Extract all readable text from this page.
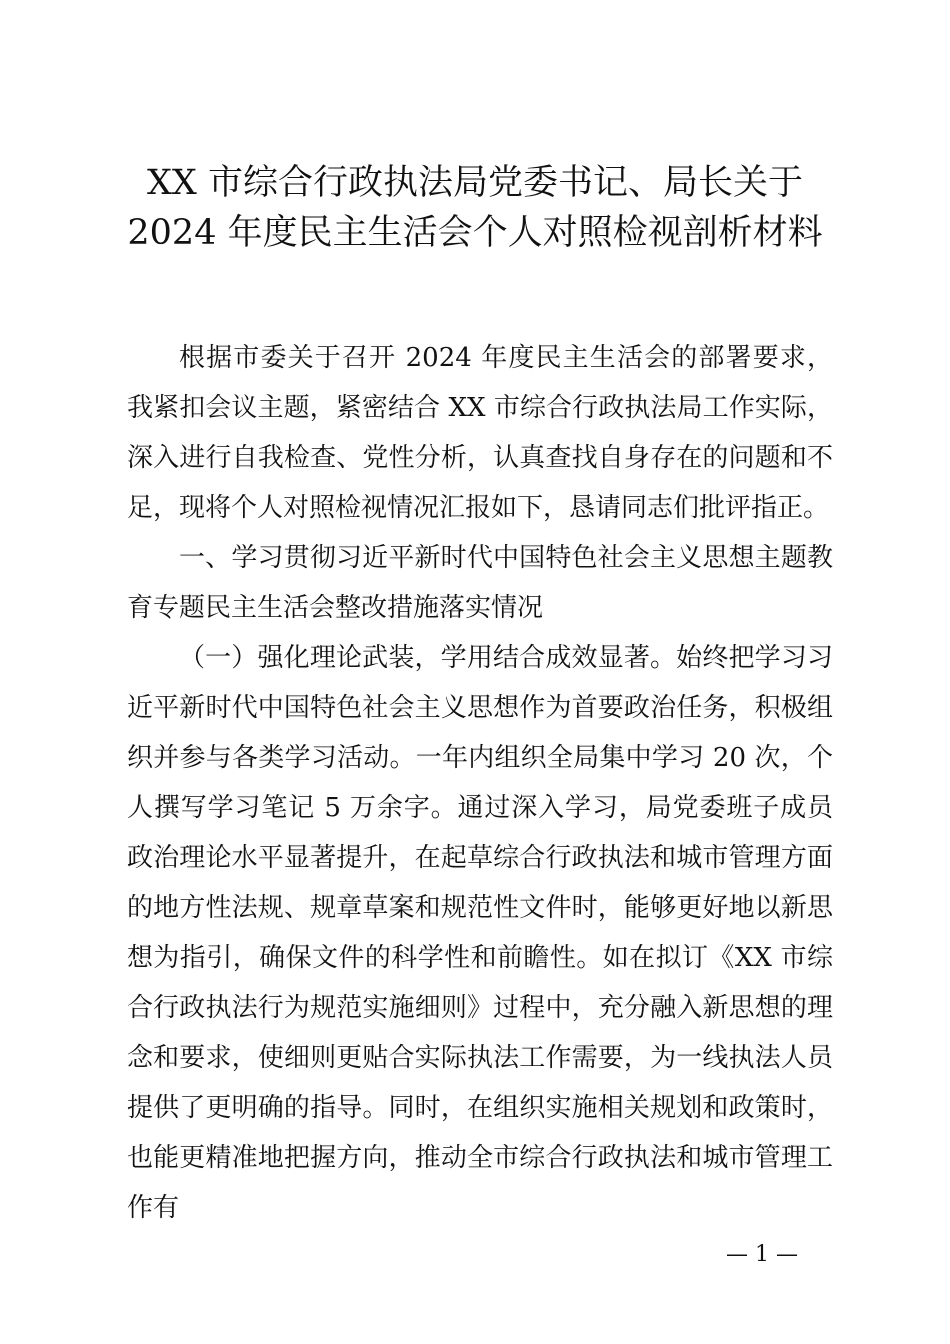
XX 市综合行政执法局党委书记、局长关于
2024 年度民主生活会个人对照检视剖析材料

根据市委关于召开 2024 年度民主生活会的部署要求，我紧扣会议主题，紧密结合 XX 市综合行政执法局工作实际，深入进行自我检查、党性分析，认真查找自身存在的问题和不足，现将个人对照检视情况汇报如下，恳请同志们批评指正。

一、学习贯彻习近平新时代中国特色社会主义思想主题教育专题民主生活会整改措施落实情况

（一）强化理论武装，学用结合成效显著。始终把学习习近平新时代中国特色社会主义思想作为首要政治任务，积极组织并参与各类学习活动。一年内组织全局集中学习 20 次，个人撰写学习笔记 5 万余字。通过深入学习，局党委班子成员政治理论水平显著提升，在起草综合行政执法和城市管理方面的地方性法规、规章草案和规范性文件时，能够更好地以新思想为指引，确保文件的科学性和前瞻性。如在拟订《XX 市综合行政执法行为规范实施细则》过程中，充分融入新思想的理念和要求，使细则更贴合实际执法工作需要，为一线执法人员提供了更明确的指导。同时，在组织实施相关规划和政策时，也能更精准地把握方向，推动全市综合行政执法和城市管理工作有

— 1 —
